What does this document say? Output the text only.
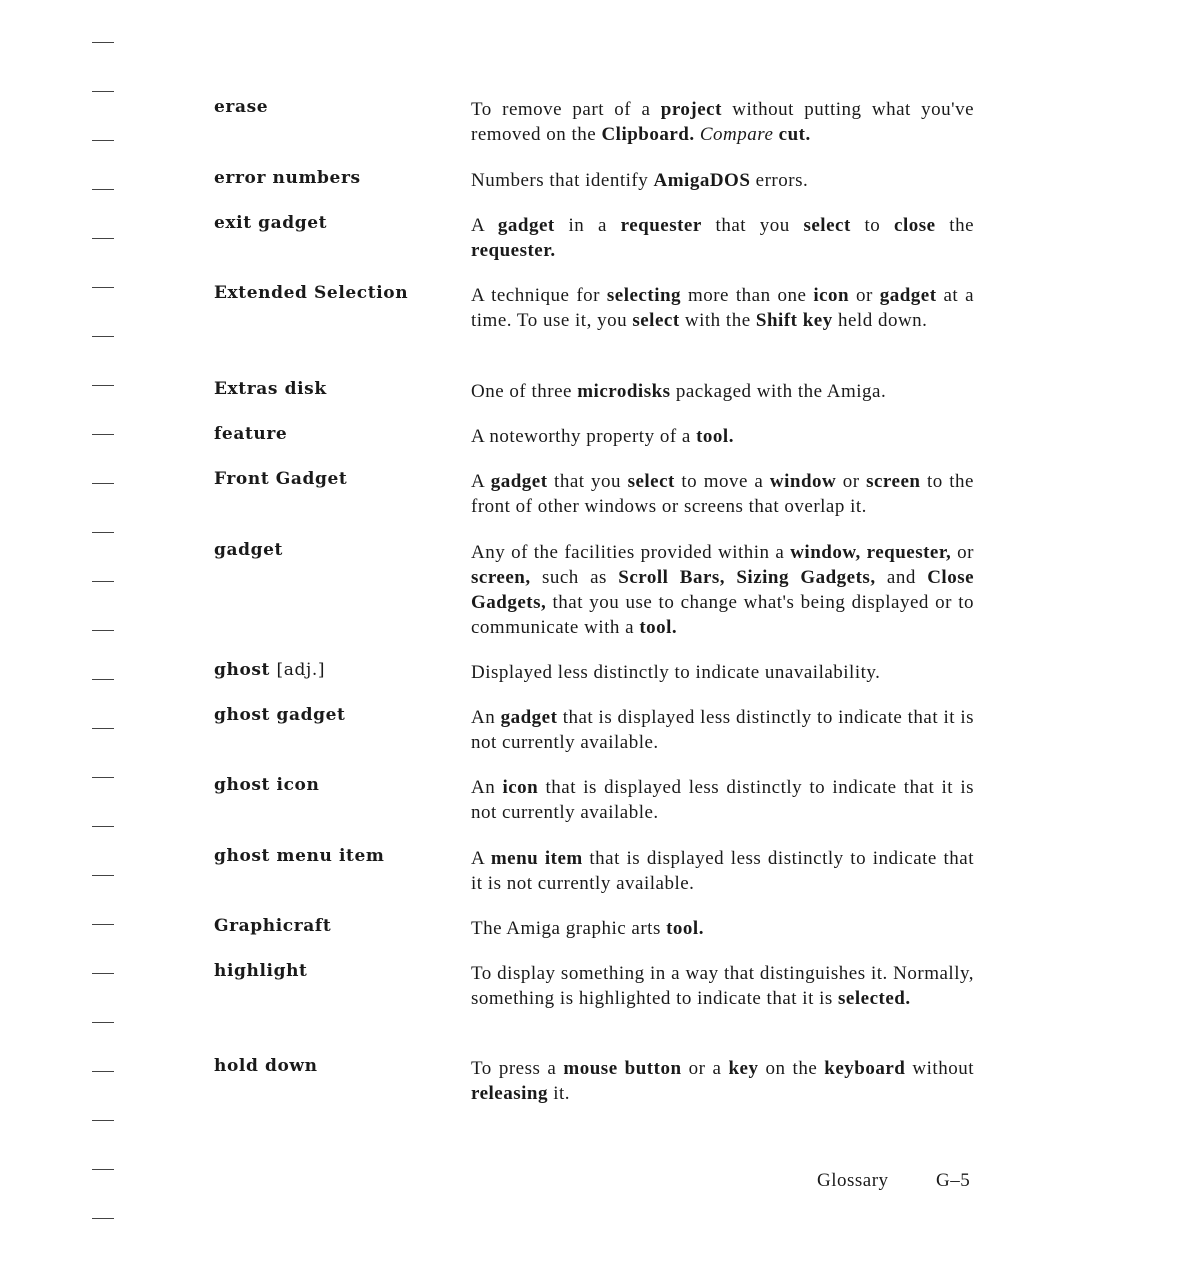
erase	To remove part of a project without putting what you've removed on the Clipboard. Compare cut.

error numbers	Numbers that identify AmigaDOS errors.

exit gadget	A gadget in a requester that you select to close the requester.

Extended Selection	A technique for selecting more than one icon or gadget at a time. To use it, you select with the Shift key held down.

Extras disk	One of three microdisks packaged with the Amiga.

feature	A noteworthy property of a tool.

Front Gadget	A gadget that you select to move a window or screen to the front of other windows or screens that overlap it.

gadget	Any of the facilities provided within a window, requester, or screen, such as Scroll Bars, Sizing Gadgets, and Close Gadgets, that you use to change what's being displayed or to communicate with a tool.

ghost [adj.]	Displayed less distinctly to indicate unavailability.

ghost gadget	An gadget that is displayed less distinctly to indicate that it is not currently available.

ghost icon	An icon that is displayed less distinctly to indicate that it is not currently available.

ghost menu item	A menu item that is displayed less distinctly to indicate that it is not currently available.

Graphicraft	The Amiga graphic arts tool.

highlight	To display something in a way that distinguishes it. Normally, something is highlighted to indicate that it is selected.

hold down	To press a mouse button or a key on the keyboard without releasing it.

Glossary G–5
